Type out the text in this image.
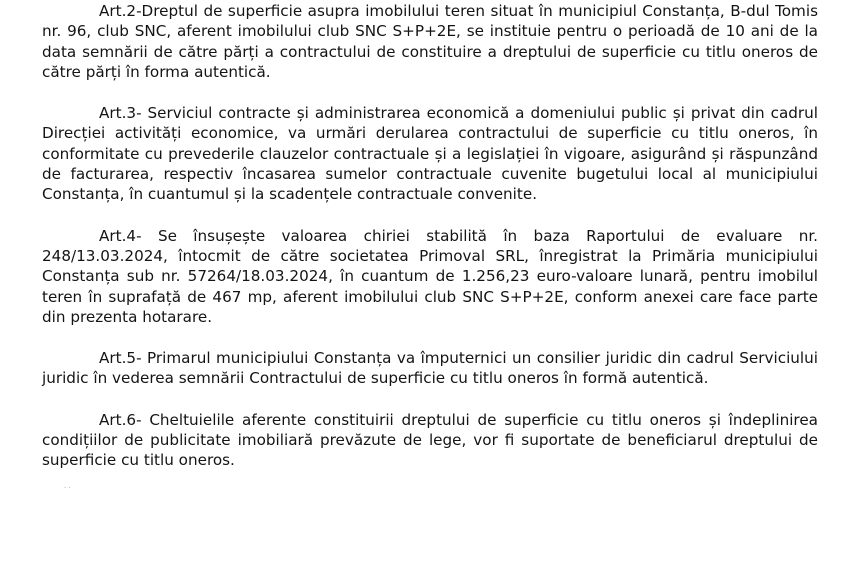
Art.2-Dreptul de superficie asupra imobilului teren situat în municipiul Constanța, B-dul Tomis nr. 96, club SNC, aferent imobilului club SNC S+P+2E, se instituie pentru o perioadă de 10 ani de la data semnării de către părți a contractului de constituire a dreptului de superficie cu titlu oneros de către părți în forma autentică.

Art.3- Serviciul contracte și administrarea economică a domeniului public și privat din cadrul Direcției activități economice, va urmări derularea contractului de superficie cu titlu oneros, în conformitate cu prevederile clauzelor contractuale și a legislației în vigoare, asigurând și răspunzând de facturarea, respectiv încasarea sumelor contractuale cuvenite bugetului local al municipiului Constanța, în cuantumul și la scadențele contractuale convenite.

Art.4- Se însușește valoarea chiriei stabilită în baza Raportului de evaluare nr. 248/13.03.2024, întocmit de către societatea Primoval SRL, înregistrat la Primăria municipiului Constanța sub nr. 57264/18.03.2024, în cuantum de 1.256,23 euro-valoare lunară, pentru imobilul teren în suprafață de 467 mp, aferent imobilului club SNC S+P+2E, conform anexei care face parte din prezenta hotarare.

Art.5- Primarul municipiului Constanța va împuternici un consilier juridic din cadrul Serviciului juridic în vederea semnării Contractului de superficie cu titlu oneros în formă autentică.

Art.6- Cheltuielile aferente constituirii dreptului de superficie cu titlu oneros și îndeplinirea condițiilor de publicitate imobiliară prevăzute de lege, vor fi suportate de beneficiarul dreptului de superficie cu titlu oneros.

· ·
